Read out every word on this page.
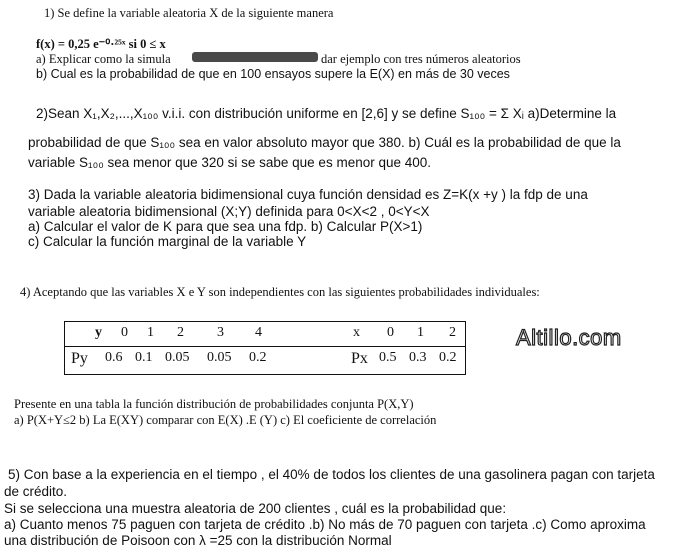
1) Se define la variable aleatoria X de la siguiente manera
f(x) = 0,25 e⁻⁰·²⁵ˣ si 0 ≤ x
a) Explicar como la simula	dar ejemplo con tres números aleatorios
b) Cual es la probabilidad de que en 100 ensayos supere la E(X) en más de 30 veces
2)Sean X₁,X₂,...,X₁₀₀ v.i.i. con distribución uniforme en [2,6] y se define S₁₀₀ = Σ Xᵢ a)Determine la
probabilidad de que S₁₀₀ sea en valor absoluto mayor que 380. b) Cuál es la probabilidad de que la
variable S₁₀₀ sea menor que 320 si se sabe que es menor que 400.
3) Dada la variable aleatoria bidimensional cuya función densidad es Z=K(x +y ) la fdp de una
variable aleatoria bidimensional (X;Y) definida para 0<X<2 , 0<Y<X
a) Calcular el valor de K para que sea una fdp. b) Calcular P(X>1)
c) Calcular la función marginal de la variable Y
4) Aceptando que las variables X e Y son independientes con las siguientes probabilidades individuales:
y 0 1 2 3 4	x 0 1 2
Py 0.6 0.1 0.05 0.05 0.2	Px 0.5 0.3 0.2
Altillo.com
Presente en una tabla la función distribución de probabilidades conjunta P(X,Y)
a) P(X+Y≤2 b) La E(XY) comparar con E(X) .E (Y) c) El coeficiente de correlación
5) Con base a la experiencia en el tiempo , el 40% de todos los clientes de una gasolinera pagan con tarjeta
de crédito.
Si se selecciona una muestra aleatoria de 200 clientes , cuál es la probabilidad que:
a) Cuanto menos 75 paguen con tarjeta de crédito .b) No más de 70 paguen con tarjeta .c) Como aproxima
una distribución de Poisoon con λ =25 con la distribución Normal
